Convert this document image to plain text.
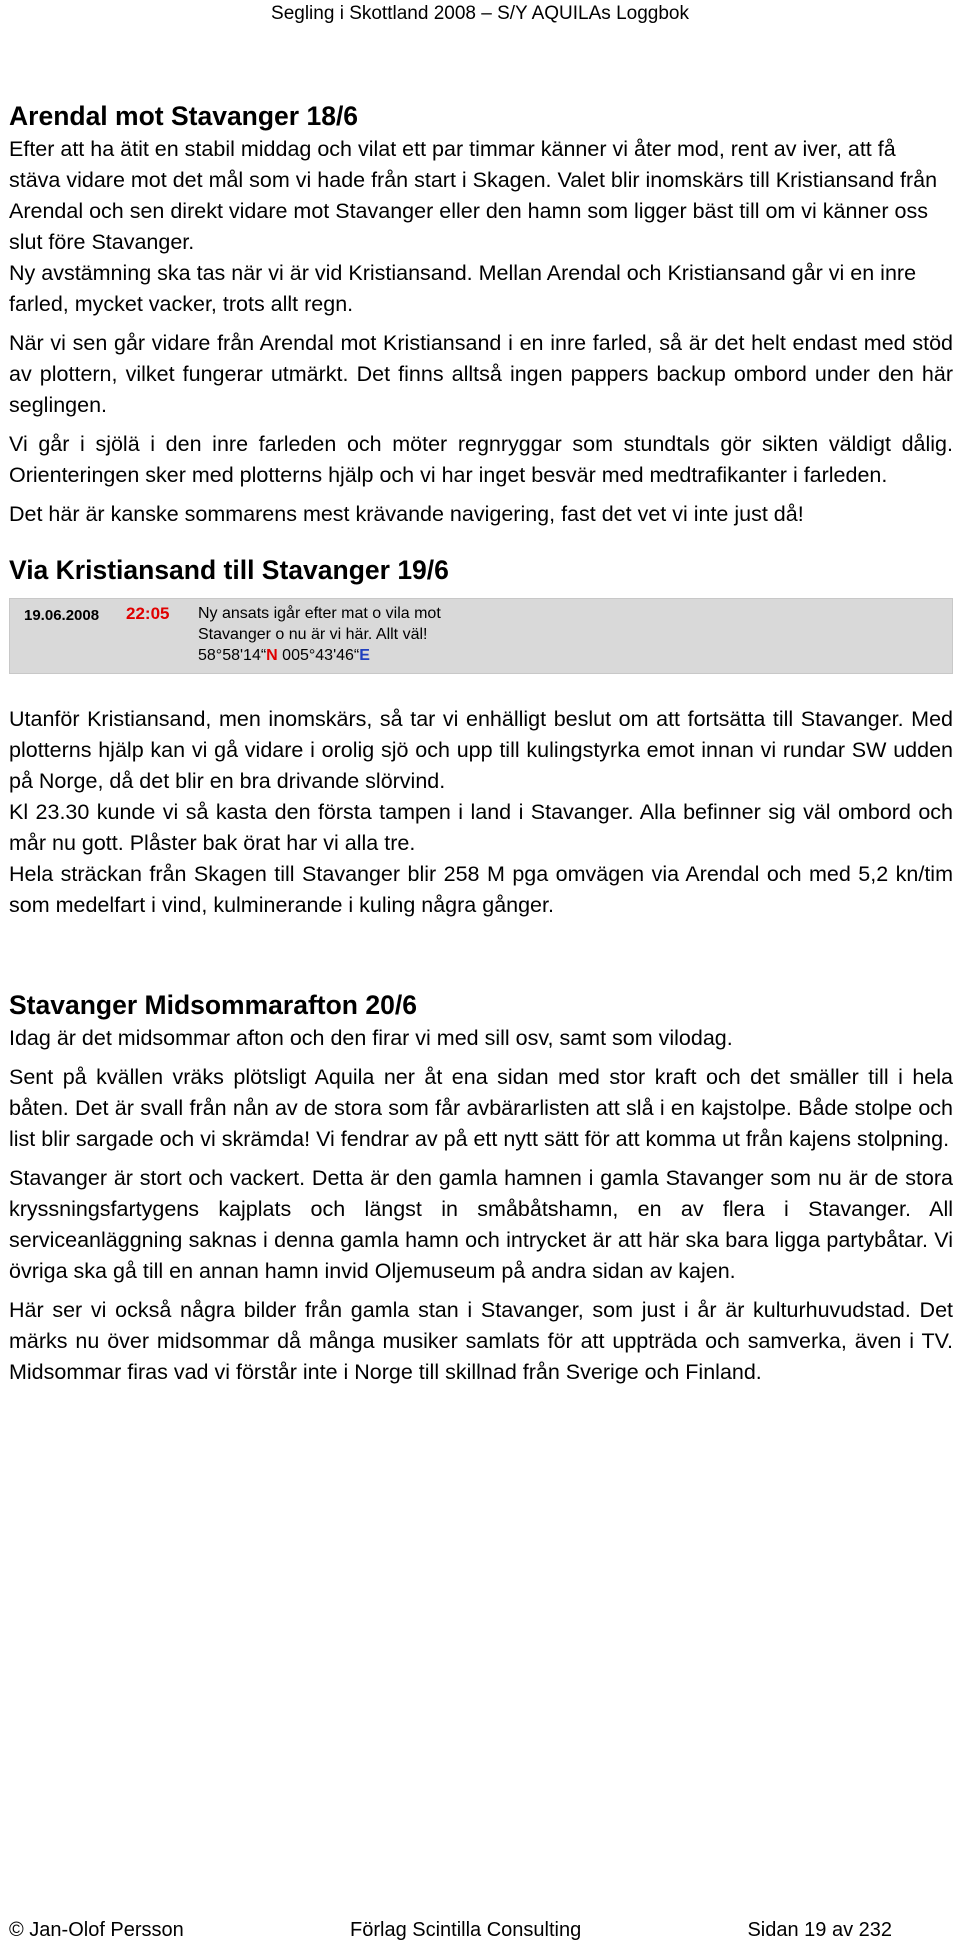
Segling i Skottland 2008 – S/Y AQUILAs Loggbok
Arendal mot Stavanger 18/6

Efter att ha ätit en stabil middag och vilat ett par timmar känner vi åter mod, rent av iver, att få stäva vidare mot det mål som vi hade från start i Skagen. Valet blir inomskärs till Kristiansand från Arendal och sen direkt vidare mot Stavanger eller den hamn som ligger bäst till om vi känner oss slut före Stavanger.

Ny avstämning ska tas när vi är vid Kristiansand. Mellan Arendal och Kristiansand går vi en inre farled, mycket vacker, trots allt regn.

När vi sen går vidare från Arendal mot Kristiansand i en inre farled, så är det helt endast med stöd av plottern, vilket fungerar utmärkt. Det finns alltså ingen pappers backup ombord under den här seglingen.

Vi går i sjölä i den inre farleden och möter regnryggar som stundtals gör sikten väldigt dålig. Orienteringen sker med plotterns hjälp och vi har inget besvär med medtrafikanter i farleden.

Det här är kanske sommarens mest krävande navigering, fast det vet vi inte just då!

Via Kristiansand till Stavanger 19/6
19.06.2008 22:05 Ny ansats igår efter mat o vila mot
Stavanger o nu är vi här. Allt väl!
58°58'14“N 005°43'46“E

Utanför Kristiansand, men inomskärs, så tar vi enhälligt beslut om att fortsätta till Stavanger. Med plotterns hjälp kan vi gå vidare i orolig sjö och upp till kulingstyrka emot innan vi rundar SW udden på Norge, då det blir en bra drivande slörvind.

Kl 23.30 kunde vi så kasta den första tampen i land i Stavanger. Alla befinner sig väl ombord och mår nu gott. Plåster bak örat har vi alla tre.

Hela sträckan från Skagen till Stavanger blir 258 M pga omvägen via Arendal och med 5,2 kn/tim som medelfart i vind, kulminerande i kuling några gånger.

Stavanger Midsommarafton 20/6

Idag är det midsommar afton och den firar vi med sill osv, samt som vilodag.

Sent på kvällen vräks plötsligt Aquila ner åt ena sidan med stor kraft och det smäller till i hela båten. Det är svall från nån av de stora som får avbärarlisten att slå i en kajstolpe. Både stolpe och list blir sargade och vi skrämda! Vi fendrar av på ett nytt sätt för att komma ut från kajens stolpning.

Stavanger är stort och vackert. Detta är den gamla hamnen i gamla Stavanger som nu är de stora kryssningsfartygens kajplats och längst in småbåtshamn, en av flera i Stavanger. All serviceanläggning saknas i denna gamla hamn och intrycket är att här ska bara ligga partybåtar. Vi övriga ska gå till en annan hamn invid Oljemuseum på andra sidan av kajen.

Här ser vi också några bilder från gamla stan i Stavanger, som just i år är kulturhuvudstad. Det märks nu över midsommar då många musiker samlats för att uppträda och samverka, även i TV. Midsommar firas vad vi förstår inte i Norge till skillnad från Sverige och Finland.

© Jan-Olof Persson	Förlag Scintilla Consulting	Sidan 19 av 232
